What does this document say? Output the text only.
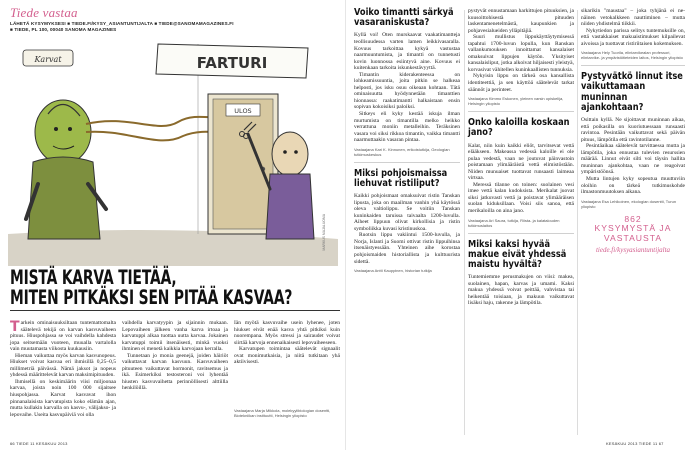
Tiede vastaa
LÄHETÄ KYSYMYKSESI ■ TIEDE.FI/KYSY_ASIANTUNTIJALTA ■ TIEDE@SANOMAMAGAZINES.FI
■ TIEDE, PL 100, 00040 SANOMA MAGAZINES
Karvat
ULOS
FARTURI
MARKUS MAJALUOMA
MISTÄ KARVA TIETÄÄ,
MITEN PITKÄKSI SEN PITÄÄ KASVAA?

Tarkein ominaisuuksiltaan tuntemattomalta säätelevä tekijä on karvan kasvuvaiheen pituus. Hiuspohjassa se voi vaihdella kahdesta jopa seitsemään vuoteen, muualla vartalolla vain muutamasta viikosta kuukausiin.

Hieman vaikuttaa myös karvan kasvunopeus. Hiukset voivat kasvaa eri ihmisillä 0,25–0,5 millimetriä päivässä. Nämä jaksot ja nopeus yhdessä määrittelevät karvan maksimipituuden.

Ihmisellä on keskimäärin viisi miljoonaa karvaa, joista noin 100 000 sijaitsee hiuspohjassa. Karvat kasvavat ihon pinnanalaisista karvatupista koko elämän ajan, mutta kullakin karvalla on kasvu-, välijakso- ja lepovaihe. Useita kasvupäiviä voi olla

vaihdella karvatyypin ja sijainnin mukaan. Lepovaiheen jälkeen vanha karva irtoaa ja karvatuppi alkaa tuottaa uutta karvaa. Jokainen karvatuppi toimii itsenäisesti, minkä vuoksi ihminen ei menetä kaikkia karvojaan kerralla.

Tunnetaan jo monia geenejä, joiden häiriöt vaikuttavat karvan kasvuun. Kasvuvaiheen pituuteen vaikuttavat hormonit, ravitsemus ja ikä. Esimerkiksi testosteroni voi lyhentää hiusten kasvuvaihetta perinnöllisesti alttiilla henkilöillä.

Iän myötä kasvuvaihe usein lyhenee, joten hiukset eivät enää kasva yhtä pitkiksi kuin nuorempana. Myös stressi ja sairaudet voivat siirtää karvoja ennenaikaisesti lepovaiheeseen.

Karvatupen toimintaa säätelevät signaalit ovat monimutkaisia, ja niitä tutkitaan yhä aktiivisesti.

Vastaajana Marja Mikkola, molekyylibiologian dosentti, Biotekniikan instituutti, Helsingin yliopisto
66 TIEDE 11 KESÄKUU 2013
Voiko timantti särkyä vasaraniskusta?

Kyllä voi! Oten murskaavat vaakatimantteja teollisuudessa varten lamen leikkivasaralla. Kovuus tarkoittaa kykyä vastustaa naarmuuntumista, ja timantti on tunnetusti kovin luonnossa esiintyvä aine. Kovuus ei kuitenkaan tarkoita iskunkestävyyttä.

Timantin kiderakenteessa on lohkeamissuuntia, joita pitkin se halkeaa helposti, jos isku osuu oikeaan kohtaan. Tätä ominaisuutta hyödynnetään timanttien hionnassa: raakatimantti halkaistaan ensin sopivan kokoisiksi paloiksi.

Sitkeys eli kyky kestää iskuja ilman murtumista on timantilla melko heikko verrattuna moniin metalleihin. Teräksinen vasara voi siksi rikkoa timantin, vaikka timantti naarmuttaakin vasaran pintaa.

Vastaajana Kari K. Kinnunen, erikoistutkija, Geologian tutkimuskeskus

Miksi pohjoismaissa liehuvat ristiliput?

Kaikki pohjoismaat omaksuivat ristin Tanskan lipusta, joka on maailman vanhin yhä käytössä oleva valtiolippu. Se voitiin Tanskan kuninkaiden taruissa taivaalta 1200-luvulla. Aiheet lippuun olivat kirkollisia ja ristin symboliikka kuvasi kristinuskoa.

Ruotsin lippu vakiintui 1500-luvulla, ja Norja, Islanti ja Suomi ottivat ristin lippuihinsa itsenäistyessään. Yhteinen aihe korostaa pohjoismaiden historiallista ja kulttuurista sidettä.

Vastaajana Antti Kauppinen, historian tutkija

pystyvät ennustamaan harkittujen pituuksien, ja kuusoittohisestä pituuden laskentamenetelmästä, kaupunkien ja pohjavesialueiden ylläpitäjiä.

Suuri mullistus lippukäyttäytymisessä tapahtui 1700-luvun lopulla, kun Ranskan vallankumouksen innoittamat kansalaiset omaksuivat lippujen käytön. Yksityiset kansalaisliput, jotka alkoivat hiljaisesti yleistyä, korvasivat vähitellen kuninkaallisten tunnuksia.

Nykyisin lippu on tärkeä osa kansallista identiteettiä, ja sen käyttöä säätelevät tarkat säännöt ja perinteet.

Vastaajana Kimmo Eskonen, yleinen varsin opiskelija, Helsingin yliopisto

Onko kaloilla koskaan jano?

Kalat, niin kuin kaikki eliöt, tarvitsevat vettä elääkseen. Makeassa vedessä kaloille ei ole pulaa vedestä, vaan ne joutuvat päinvastoin poistamaan ylimääräistä vettä elimistöstään. Niiden munuaiset tuottavat runsaasti laimeaa virtsaa.

Meressä tilanne on toinen: suolainen vesi imee vettä kalan kudoksista. Merikalat juovat siksi jatkuvasti vettä ja poistavat ylimääräisen suolan kiduksillaan. Voisi siis sanoa, että merikaloilla on aina jano.

Vastaajana Ari Saura, tutkija, Riista- ja kalatalouden tutkimuslaitos

Miksi kaksi hyvää makue eivät yhdessä maistu hyvältä?

Tuntemiemme perusmakujen on viisi: makea, suolainen, hapan, karvas ja umami. Kaksi makua yhdessä voivat peittää, vahvistaa tai heikentää toisiaan, ja makuun vaikuttavat lisäksi haju, rakenne ja lämpötila.

sikarikin "maustaa" – joka tyhjänä ei ne-näinen vetokalkkeen nauttiminen – mutta niiden yhdistelmä tiikkii.

Nykytiedon parissa selitys tuntemuksille on, että vastakkaiset makuaistimukset kilpailevat aivoissa ja tuottavat ristiriitaisen kokemuksen.

Vastaajana Hely Tuorila, elintarvikealan professori, elintarvike- ja ympäristötieteiden laitos, Helsingin yliopisto

Pystyvätkö linnut itse vaikuttamaan muninnan ajankohtaan?

Osittain kyllä. Ne sijoittavat muninnan aikaa, että poikasilla on kuoriutuessaan runsaasti ravintoa. Pesintään vaikuttavat sekä päivän pituus, lämpötila että ravintotilanne.

Pesintäaikaa säätelevät tarvittaessa mutta ja lämpötila, joka ennustaa tulevien resurssien määrää. Linnut eivät silti voi täysin hallita muninnan ajankohtaa, vaan ne reagoivat ympäristöönsä.

Mutta lintujen kyky sopeutua muuttuviin oloihin on tärkeä tutkimuskohde ilmastonmuutoksen aikana.

Vastaajana Esa Lehikoinen, ekologian dosentti, Turun yliopisto

862
KYSYMYSTÄ JA
VASTAUSTA
tiede.fi/kysyasiantuntijalta
KESÄKUU 2013 TIEDE 11 67
